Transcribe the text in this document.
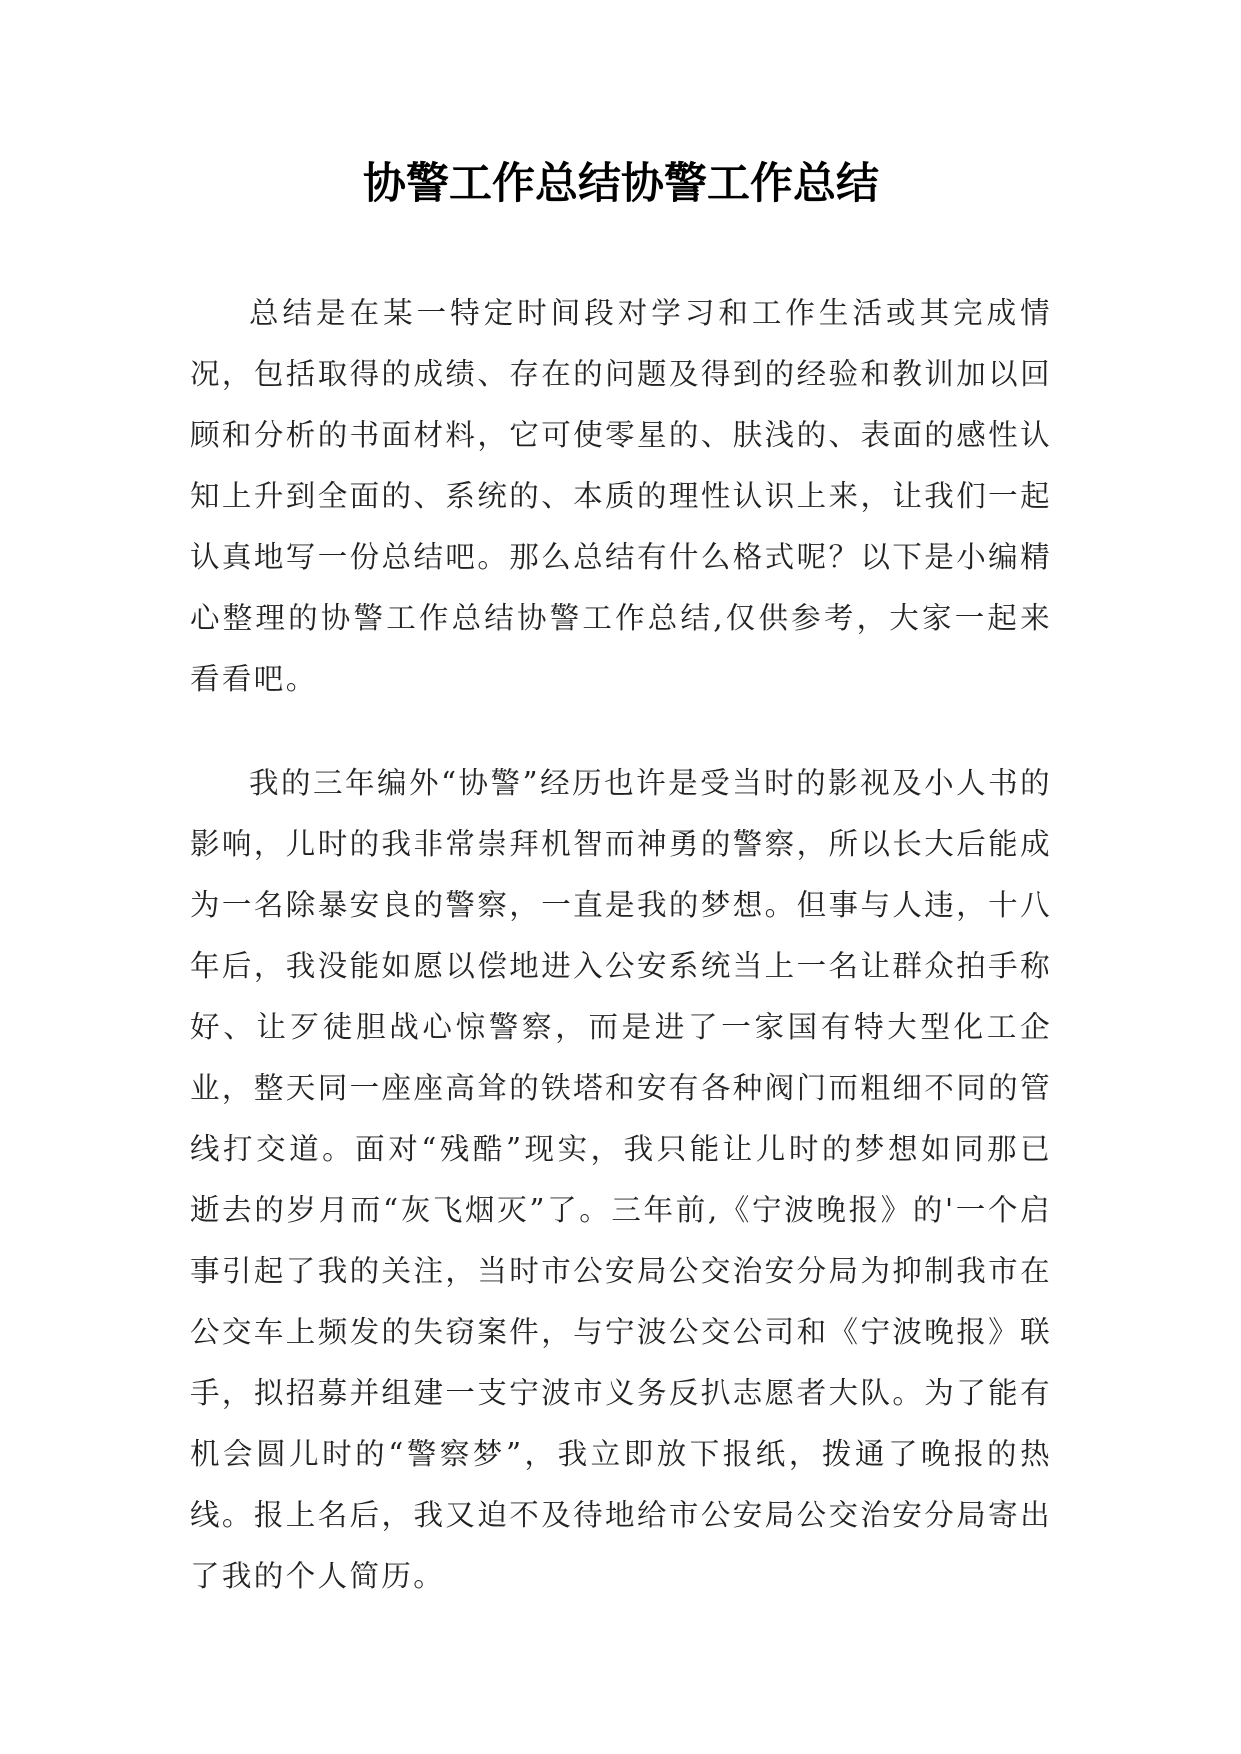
协警工作总结协警工作总结

总结是在某一特定时间段对学习和工作生活或其完成情况，包括取得的成绩、存在的问题及得到的经验和教训加以回顾和分析的书面材料，它可使零星的、肤浅的、表面的感性认知上升到全面的、系统的、本质的理性认识上来，让我们一起认真地写一份总结吧。那么总结有什么格式呢？以下是小编精心整理的协警工作总结协警工作总结,仅供参考，大家一起来看看吧。

我的三年编外“协警”经历也许是受当时的影视及小人书的影响，儿时的我非常崇拜机智而神勇的警察，所以长大后能成为一名除暴安良的警察，一直是我的梦想。但事与人违，十八年后，我没能如愿以偿地进入公安系统当上一名让群众拍手称好、让歹徒胆战心惊警察，而是进了一家国有特大型化工企业，整天同一座座高耸的铁塔和安有各种阀门而粗细不同的管线打交道。面对“残酷”现实，我只能让儿时的梦想如同那已逝去的岁月而“灰飞烟灭”了。三年前,《宁波晚报》的'一个启事引起了我的关注，当时市公安局公交治安分局为抑制我市在公交车上频发的失窃案件，与宁波公交公司和《宁波晚报》联手，拟招募并组建一支宁波市义务反扒志愿者大队。为了能有机会圆儿时的“警察梦”，我立即放下报纸，拨通了晚报的热线。报上名后，我又迫不及待地给市公安局公交治安分局寄出了我的个人简历。
